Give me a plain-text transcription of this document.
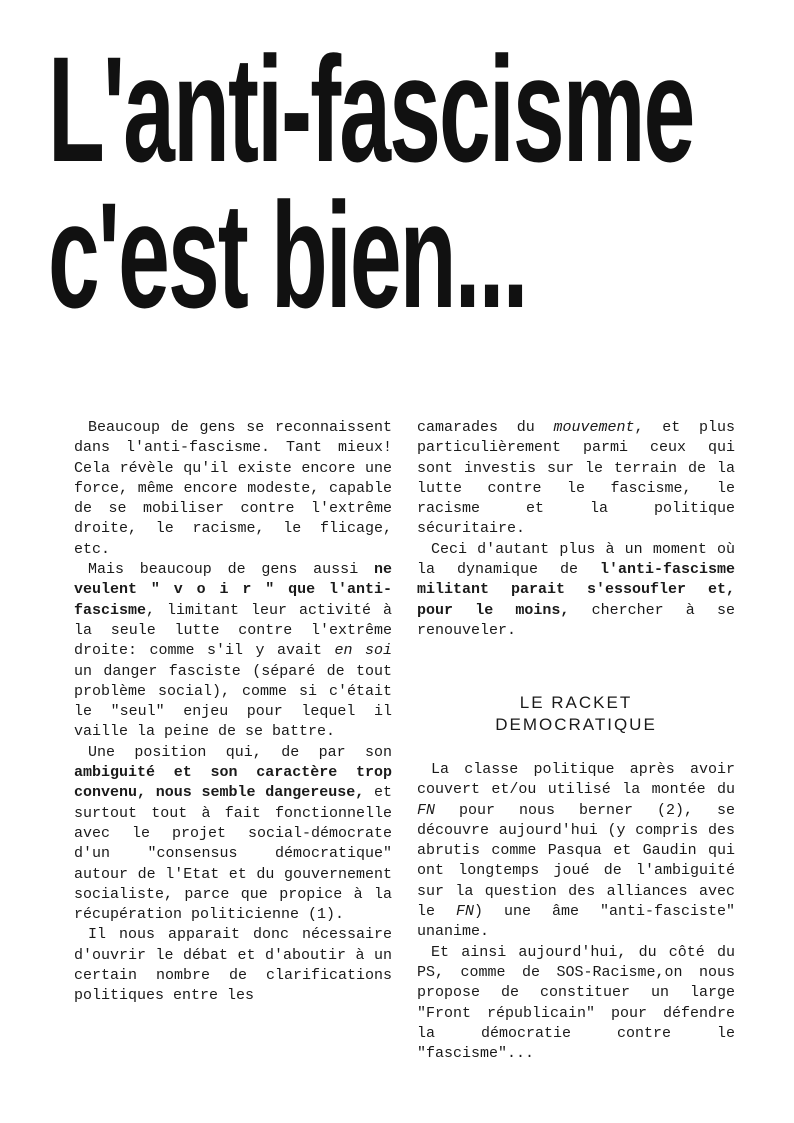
L'anti-fascisme
c'est bien...

Beaucoup de gens se reconnaissent dans l'anti-fascisme. Tant mieux! Cela révèle qu'il existe encore une force, même encore modeste, capable de se mobiliser contre l'extrême droite, le racisme, le flicage, etc.

Mais beaucoup de gens aussi ne veulent " v o i r " que l'anti-fascisme, limitant leur activité à la seule lutte contre l'extrême droite: comme s'il y avait en soi un danger fasciste (séparé de tout problème social), comme si c'était le "seul" enjeu pour lequel il vaille la peine de se battre.

Une position qui, de par son ambiguité et son caractère trop convenu, nous semble dangereuse, et surtout tout à fait fonctionnelle avec le projet social-démocrate d'un "consensus démocratique" autour de l'Etat et du gouvernement socialiste, parce que propice à la récupération politicienne (1).

Il nous apparait donc nécessaire d'ouvrir le débat et d'aboutir à un certain nombre de clarifications politiques entre les

camarades du mouvement, et plus particulièrement parmi ceux qui sont investis sur le terrain de la lutte contre le fascisme, le racisme et la politique sécuritaire.

Ceci d'autant plus à un moment où la dynamique de l'anti-fascisme militant parait s'essoufler et, pour le moins, chercher à se renouveler.

LE RACKET
DEMOCRATIQUE

La classe politique après avoir couvert et/ou utilisé la montée du FN pour nous berner (2), se découvre aujourd'hui (y compris des abrutis comme Pasqua et Gaudin qui ont longtemps joué de l'ambiguité sur la question des alliances avec le FN) une âme "anti-fasciste" unanime.

Et ainsi aujourd'hui, du côté du PS, comme de SOS-Racisme,on nous propose de constituer un large "Front républicain" pour défendre la démocratie contre le "fascisme"...
